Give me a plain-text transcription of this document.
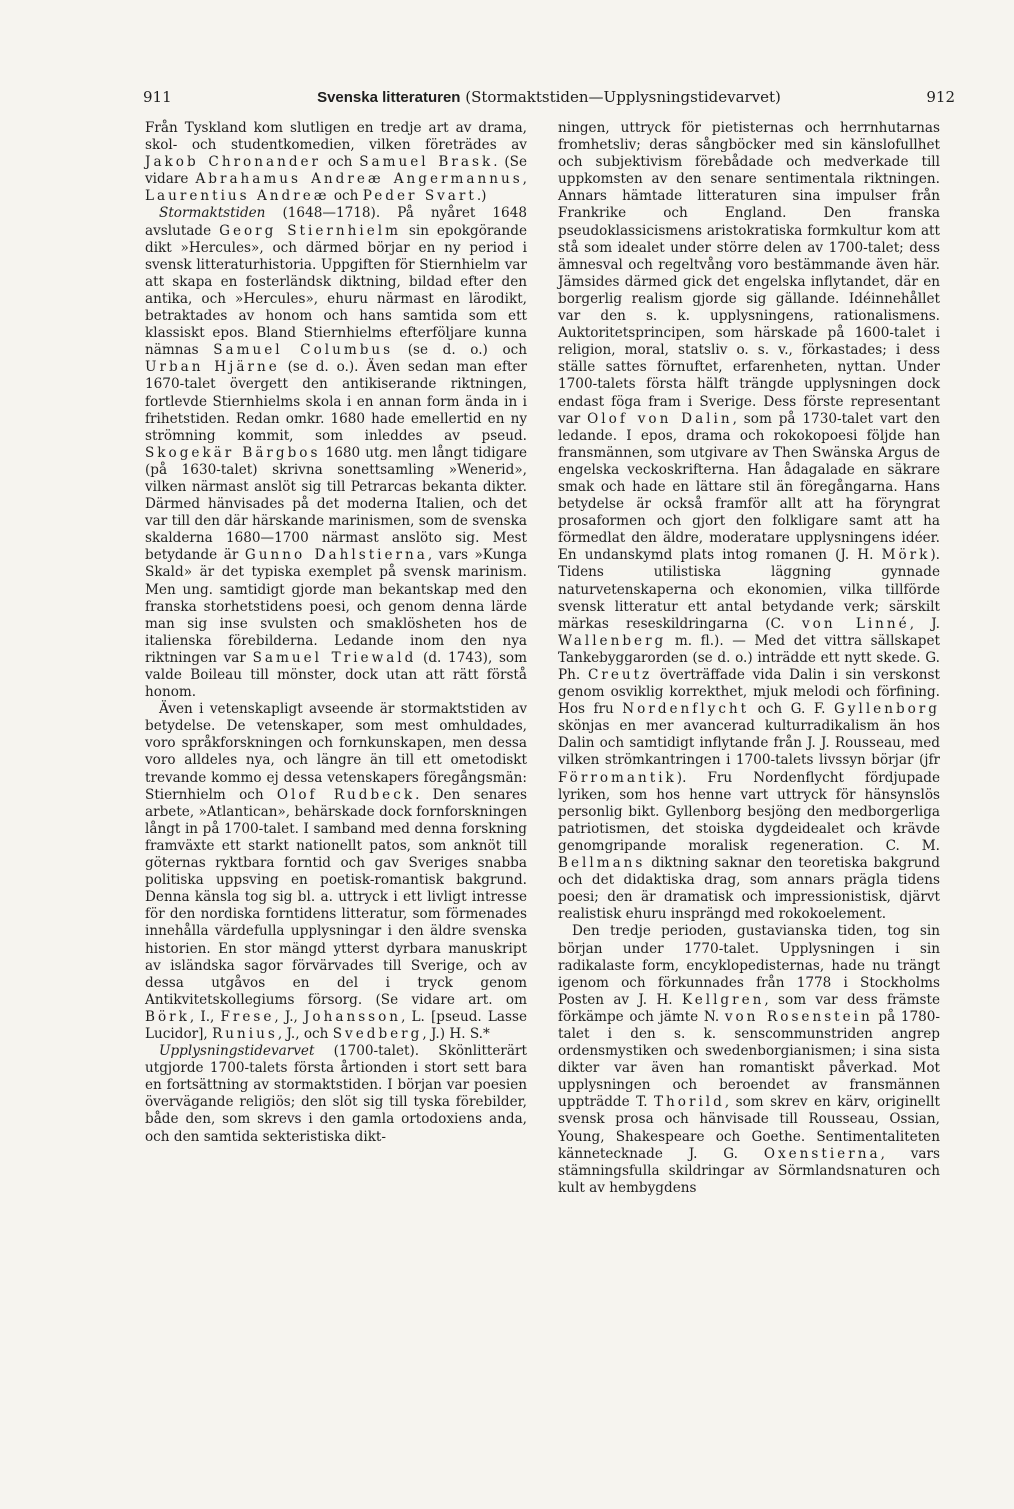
911	Svenska litteraturen (Stormaktstiden—Upplysningstidevarvet)	912

Från Tyskland kom slutligen en tredje art av drama, skol- och studentkomedien, vilken företrädes av Jakob Chronander och Samuel Brask. (Se vidare Abrahamus Andreæ Angermannus, Laurentius Andreæ och Peder Svart.)

Stormaktstiden (1648—1718). På nyåret 1648 avslutade Georg Stiernhielm sin epokgörande dikt »Hercules», och därmed börjar en ny period i svensk litteraturhistoria. Uppgiften för Stiernhielm var att skapa en fosterländsk diktning, bildad efter den antika, och »Hercules», ehuru närmast en lärodikt, betraktades av honom och hans samtida som ett klassiskt epos. Bland Stiernhielms efterföljare kunna nämnas Samuel Columbus (se d. o.) och Urban Hjärne (se d. o.). Även sedan man efter 1670-talet övergett den antikiserande riktningen, fortlevde Stiernhielms skola i en annan form ända in i frihetstiden. Redan omkr. 1680 hade emellertid en ny strömning kommit, som inleddes av pseud. Skogekär Bärgbos 1680 utg. men långt tidigare (på 1630-talet) skrivna sonettsamling »Wenerid», vilken närmast anslöt sig till Petrarcas bekanta dikter. Därmed hänvisades på det moderna Italien, och det var till den där härskande marinismen, som de svenska skalderna 1680—1700 närmast anslöto sig. Mest betydande är Gunno Dahlstierna, vars »Kunga Skald» är det typiska exemplet på svensk marinism. Men ung. samtidigt gjorde man bekantskap med den franska storhetstidens poesi, och genom denna lärde man sig inse svulsten och smaklösheten hos de italienska förebilderna. Ledande inom den nya riktningen var Samuel Triewald (d. 1743), som valde Boileau till mönster, dock utan att rätt förstå honom.

Även i vetenskapligt avseende är stormaktstiden av betydelse. De vetenskaper, som mest omhuldades, voro språkforskningen och fornkunskapen, men dessa voro alldeles nya, och längre än till ett ometodiskt trevande kommo ej dessa vetenskapers föregångsmän: Stiernhielm och Olof Rudbeck. Den senares arbete, »Atlantican», behärskade dock fornforskningen långt in på 1700-talet. I samband med denna forskning framväxte ett starkt nationellt patos, som anknöt till göternas ryktbara forntid och gav Sveriges snabba politiska uppsving en poetisk-romantisk bakgrund. Denna känsla tog sig bl. a. uttryck i ett livligt intresse för den nordiska forntidens litteratur, som förmenades innehålla värdefulla upplysningar i den äldre svenska historien. En stor mängd ytterst dyrbara manuskript av isländska sagor förvärvades till Sverige, och av dessa utgåvos en del i tryck genom Antikvitetskollegiums försorg. (Se vidare art. om Börk, I., Frese, J., Johansson, L. [pseud. Lasse Lucidor], Runius, J., och Svedberg, J.) H. S.*

Upplysningstidevarvet (1700-talet). Skönlitterärt utgjorde 1700-talets första årtionden i stort sett bara en fortsättning av stormaktstiden. I början var poesien övervägande religiös; den slöt sig till tyska förebilder, både den, som skrevs i den gamla ortodoxiens anda, och den samtida sekteristiska dikt-

ningen, uttryck för pietisternas och herrnhutarnas fromhetsliv; deras sångböcker med sin känslofullhet och subjektivism förebådade och medverkade till uppkomsten av den senare sentimentala riktningen. Annars hämtade litteraturen sina impulser från Frankrike och England. Den franska pseudoklassicismens aristokratiska formkultur kom att stå som idealet under större delen av 1700-talet; dess ämnesval och regeltvång voro bestämmande även här. Jämsides därmed gick det engelska inflytandet, där en borgerlig realism gjorde sig gällande. Idéinnehållet var den s. k. upplysningens, rationalismens. Auktoritetsprincipen, som härskade på 1600-talet i religion, moral, statsliv o. s. v., förkastades; i dess ställe sattes förnuftet, erfarenheten, nyttan. Under 1700-talets första hälft trängde upplysningen dock endast föga fram i Sverige. Dess förste representant var Olof von Dalin, som på 1730-talet vart den ledande. I epos, drama och rokokopoesi följde han fransmännen, som utgivare av Then Swänska Argus de engelska veckoskrifterna. Han ådagalade en säkrare smak och hade en lättare stil än föregångarna. Hans betydelse är också framför allt att ha föryngrat prosaformen och gjort den folkligare samt att ha förmedlat den äldre, moderatare upplysningens idéer. En undanskymd plats intog romanen (J. H. Mörk). Tidens utilistiska läggning gynnade naturvetenskaperna och ekonomien, vilka tillförde svensk litteratur ett antal betydande verk; särskilt märkas reseskildringarna (C. von Linné, J. Wallenberg m. fl.). — Med det vittra sällskapet Tankebyggarorden (se d. o.) inträdde ett nytt skede. G. Ph. Creutz överträffade vida Dalin i sin verskonst genom osviklig korrekthet, mjuk melodi och förfining. Hos fru Nordenflycht och G. F. Gyllenborg skönjas en mer avancerad kulturradikalism än hos Dalin och samtidigt inflytande från J. J. Rousseau, med vilken strömkantringen i 1700-talets livssyn börjar (jfr Förromantik). Fru Nordenflycht fördjupade lyriken, som hos henne vart uttryck för hänsynslös personlig bikt. Gyllenborg besjöng den medborgerliga patriotismen, det stoiska dygdeidealet och krävde genomgripande moralisk regeneration. C. M. Bellmans diktning saknar den teoretiska bakgrund och det didaktiska drag, som annars prägla tidens poesi; den är dramatisk och impressionistisk, djärvt realistisk ehuru insprängd med rokokoelement.

Den tredje perioden, gustavianska tiden, tog sin början under 1770-talet. Upplysningen i sin radikalaste form, encyklopedisternas, hade nu trängt igenom och förkunnades från 1778 i Stockholms Posten av J. H. Kellgren, som var dess främste förkämpe och jämte N. von Rosenstein på 1780-talet i den s. k. senscommunstriden angrep ordensmystiken och swedenborgianismen; i sina sista dikter var även han romantiskt påverkad. Mot upplysningen och beroendet av fransmännen uppträdde T. Thorild, som skrev en kärv, originellt svensk prosa och hänvisade till Rousseau, Ossian, Young, Shakespeare och Goethe. Sentimentaliteten kännetecknade J. G. Oxenstierna, vars stämningsfulla skildringar av Sörmlandsnaturen och kult av hembygdens
